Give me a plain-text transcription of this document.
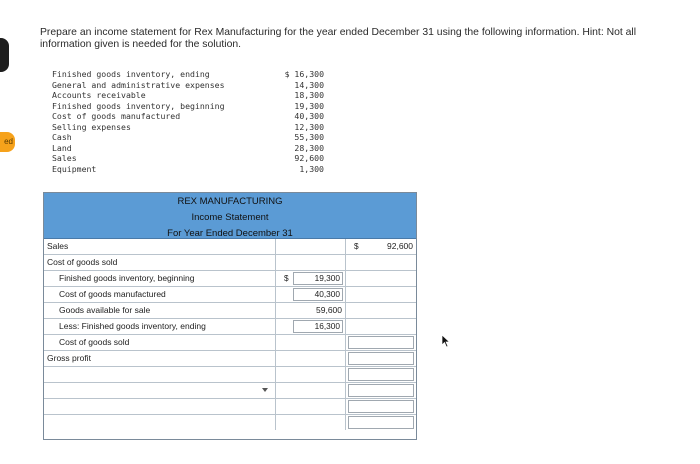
ed
Prepare an income statement for Rex Manufacturing for the year ended December 31 using the following information. Hint: Not all information given is needed for the solution.
Finished goods inventory, ending	$ 16,300
General and administrative expenses	14,300
Accounts receivable	18,300
Finished goods inventory, beginning	19,300
Cost of goods manufactured	40,300
Selling expenses	12,300
Cash	55,300
Land	28,300
Sales	92,600
Equipment	1,300
REX MANUFACTURING
Income Statement
For Year Ended December 31
Sales	$	92,600
Cost of goods sold
Finished goods inventory, beginning	$	19,300
Cost of goods manufactured	40,300
Goods available for sale	59,600
Less: Finished goods inventory, ending	16,300
Cost of goods sold
Gross profit
